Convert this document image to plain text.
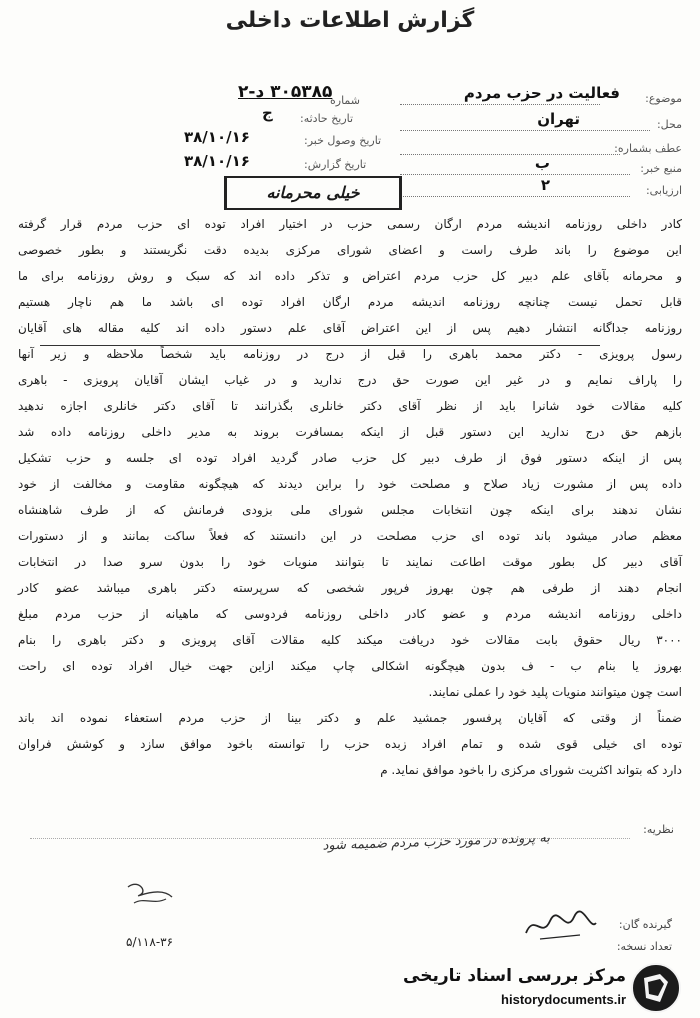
گزارش اطلاعات داخلی
موضوع:
فعالیت در حزب مردم
محل:
تهران
عطف بشماره:
منبع خبر:
ب
ارزیابی:
۲
شماره
۳۰۵۳۸۵ د-۲
تاریخ حادثه:
ج
تاریخ وصول خبر:
۳۸/۱۰/۱۶
تاریخ گزارش:
۳۸/۱۰/۱۶
خیلی محرمانه

کادر داخلی روزنامه اندیشه مردم ارگان رسمی حزب در اختیار افراد توده ای حزب مردم قرار گرفته

این موضوع را باند طرف راست و اعضای شورای مرکزی بدیده دقت نگریستند و بطور خصوصی

و محرمانه بآقای علم دبیر کل حزب مردم اعتراض و تذکر داده اند که سبک و روش روزنامه برای ما

قابل تحمل نیست چنانچه روزنامه اندیشه مردم ارگان افراد توده ای باشد ما هم ناچار هستیم

روزنامه جداگانه انتشار دهیم پس از این اعتراض آقای علم دستور داده اند کلیه مقاله های آقایان

رسول پرویزی - دکتر محمد باهری را قبل از درج در روزنامه باید شخصاً ملاحظه و زیر آنها

را پاراف نمایم و در غیر این صورت حق درج ندارید و در غیاب ایشان آقایان پرویزی - باهری

کلیه مقالات خود شانرا باید از نظر آقای دکتر خانلری بگذرانند تا آقای دکتر خانلری اجازه ندهید

بازهم حق درج ندارید این دستور قبل از اینکه بمسافرت بروند به مدیر داخلی روزنامه داده شد

پس از اینکه دستور فوق از طرف دبیر کل حزب صادر گردید افراد توده ای جلسه و حزب تشکیل

داده پس از مشورت زیاد صلاح و مصلحت خود را براین دیدند که هیچگونه مقاومت و مخالفت از خود

نشان ندهند برای اینکه چون انتخابات مجلس شورای ملی بزودی فرمانش که از طرف شاهنشاه

معظم صادر میشود باند توده ای حزب مصلحت در این دانستند که فعلاً ساکت بمانند و از دستورات

آقای دبیر کل بطور موقت اطاعت نمایند تا بتوانند منویات خود را بدون سرو صدا در انتخابات

انجام دهند از طرفی هم چون بهروز فرپور شخصی که سرپرسته دکتر باهری میباشد عضو کادر

داخلی روزنامه اندیشه مردم و عضو کادر داخلی روزنامه فردوسی که ماهیانه از حزب مردم مبلغ

۳۰۰۰ ریال حقوق بابت مقالات خود دریافت میکند کلیه مقالات آقای پرویزی و دکتر باهری را بنام

بهروز یا بنام ب - ف بدون هیچگونه اشکالی چاپ میکند ازاین جهت خیال افراد توده ای راحت

است چون میتوانند منویات پلید خود را عملی نمایند.

ضمناً از وقتی که آقایان پرفسور جمشید علم و دکتر بینا از حزب مردم استعفاء نموده اند باند

توده ای خیلی قوی شده و تمام افراد زبده حزب را توانسته باخود موافق سازد و کوشش فراوان

دارد که بتواند اکثریت شورای مرکزی را باخود موافق نماید. م

نظریه:
به پرونده در مورد حزب مردم ضمیمه شود
گیرنده گان:
تعداد نسخه:
۵/۱۱۸-۳۶
مرکز بررسی اسناد تاریخی
historydocuments.ir
